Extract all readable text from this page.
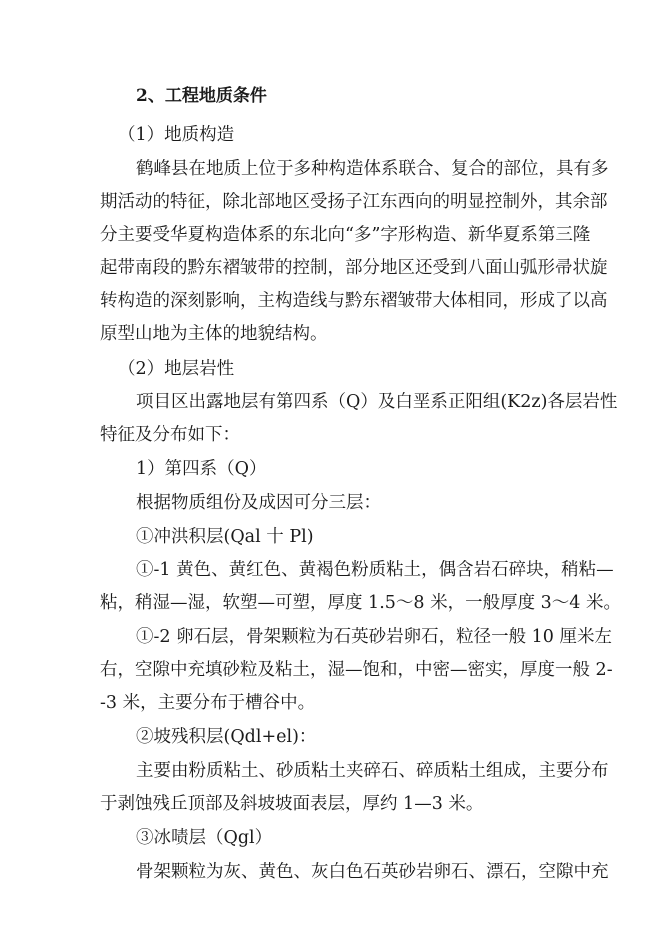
2、工程地质条件
（1）地质构造
鹤峰县在地质上位于多种构造体系联合、复合的部位，具有多
期活动的特征，除北部地区受扬子江东西向的明显控制外，其余部
分主要受华夏构造体系的东北向“多”字形构造、新华夏系第三隆
起带南段的黔东褶皱带的控制，部分地区还受到八面山弧形帚状旋
转构造的深刻影响，主构造线与黔东褶皱带大体相同，形成了以高
原型山地为主体的地貌结构。
（2）地层岩性
项目区出露地层有第四系（Q）及白垩系正阳组(K2z)各层岩性
特征及分布如下：
1）第四系（Q）
根据物质组份及成因可分三层：
①冲洪积层(Qal 十 Pl)
①-1 黄色、黄红色、黄褐色粉质粘土，偶含岩石碎块，稍粘—
粘，稍湿—湿，软塑—可塑，厚度 1.5～8 米，一般厚度 3～4 米。
①-2 卵石层，骨架颗粒为石英砂岩卵石，粒径一般 10 厘米左
右，空隙中充填砂粒及粘土，湿—饱和，中密—密实，厚度一般 2-
-3 米，主要分布于槽谷中。
②坡残积层(Qdl+el)：
主要由粉质粘土、砂质粘土夹碎石、碎质粘土组成，主要分布
于剥蚀残丘顶部及斜坡坡面表层，厚约 1—3 米。
③冰啧层（Qgl）
骨架颗粒为灰、黄色、灰白色石英砂岩卵石、漂石，空隙中充
